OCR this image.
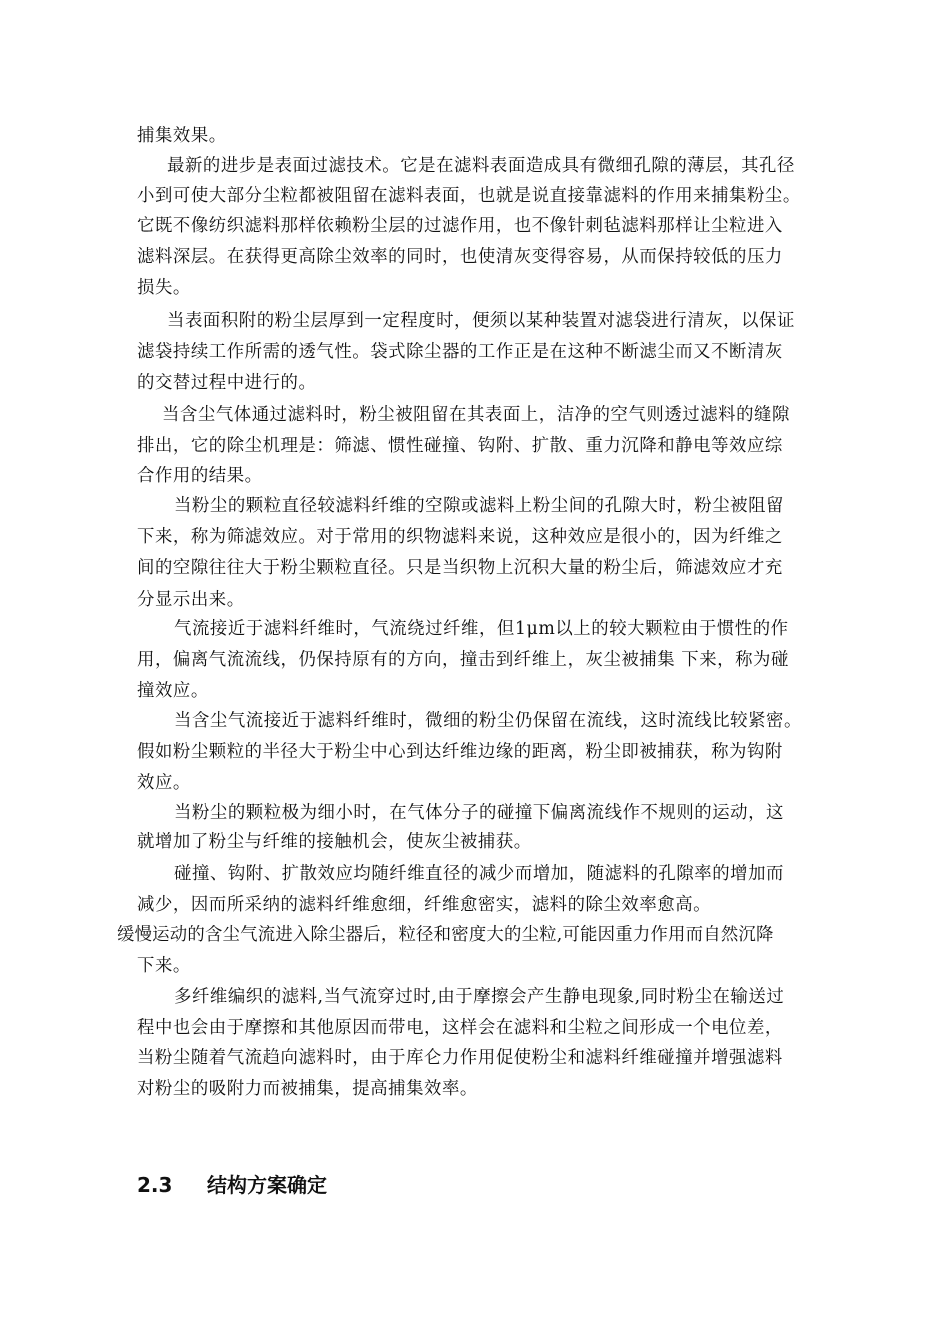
捕集效果。
最新的进步是表面过滤技术。它是在滤料表面造成具有微细孔隙的薄层，其孔径
小到可使大部分尘粒都被阻留在滤料表面，也就是说直接靠滤料的作用来捕集粉尘。
它既不像纺织滤料那样依赖粉尘层的过滤作用，也不像针刺毡滤料那样让尘粒进入
滤料深层。在获得更高除尘效率的同时，也使清灰变得容易，从而保持较低的压力
损失。
当表面积附的粉尘层厚到一定程度时，便须以某种装置对滤袋进行清灰，以保证
滤袋持续工作所需的透气性。袋式除尘器的工作正是在这种不断滤尘而又不断清灰
的交替过程中进行的。
当含尘气体通过滤料时，粉尘被阻留在其表面上，洁净的空气则透过滤料的缝隙
排出，它的除尘机理是：筛滤、惯性碰撞、钩附、扩散、重力沉降和静电等效应综
合作用的结果。
当粉尘的颗粒直径较滤料纤维的空隙或滤料上粉尘间的孔隙大时，粉尘被阻留
下来，称为筛滤效应。对于常用的织物滤料来说，这种效应是很小的，因为纤维之
间的空隙往往大于粉尘颗粒直径。只是当织物上沉积大量的粉尘后，筛滤效应才充
分显示出来。
气流接近于滤料纤维时，气流绕过纤维，但1μm以上的较大颗粒由于惯性的作
用，偏离气流流线，仍保持原有的方向，撞击到纤维上，灰尘被捕集 下来，称为碰
撞效应。
当含尘气流接近于滤料纤维时，微细的粉尘仍保留在流线，这时流线比较紧密。
假如粉尘颗粒的半径大于粉尘中心到达纤维边缘的距离，粉尘即被捕获，称为钩附
效应。
当粉尘的颗粒极为细小时，在气体分子的碰撞下偏离流线作不规则的运动，这
就增加了粉尘与纤维的接触机会，使灰尘被捕获。
碰撞、钩附、扩散效应均随纤维直径的减少而增加，随滤料的孔隙率的增加而
减少，因而所采纳的滤料纤维愈细，纤维愈密实，滤料的除尘效率愈高。
缓慢运动的含尘气流进入除尘器后，粒径和密度大的尘粒,可能因重力作用而自然沉降
下来。
多纤维编织的滤料,当气流穿过时,由于摩擦会产生静电现象,同时粉尘在输送过
程中也会由于摩擦和其他原因而带电，这样会在滤料和尘粒之间形成一个电位差，
当粉尘随着气流趋向滤料时，由于库仑力作用促使粉尘和滤料纤维碰撞并增强滤料
对粉尘的吸附力而被捕集，提高捕集效率。
2.3 结构方案确定
